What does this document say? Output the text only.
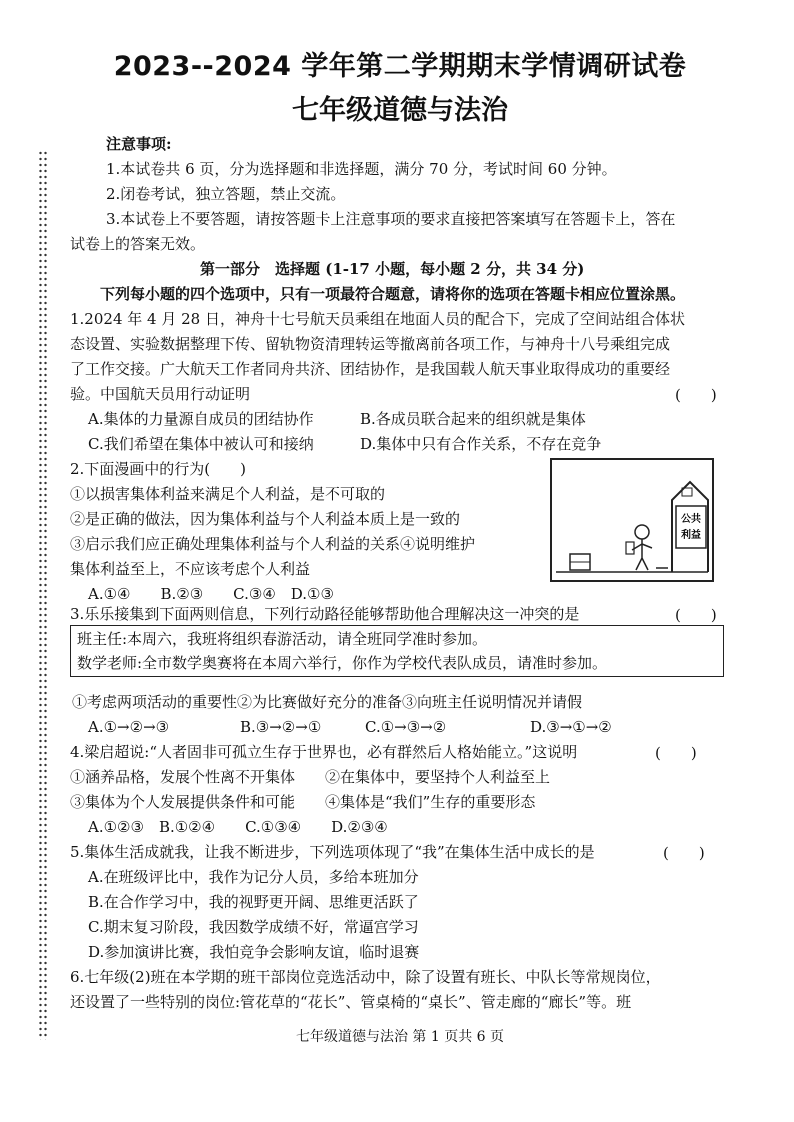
2023--2024 学年第二学期期末学情调研试卷
七年级道德与法治
注意事项:
1.本试卷共 6 页，分为选择题和非选择题，满分 70 分，考试时间 60 分钟。
2.闭卷考试，独立答题，禁止交流。
3.本试卷上不要答题，请按答题卡上注意事项的要求直接把答案填写在答题卡上，答在
试卷上的答案无效。
第一部分　选择题 (1-17 小题，每小题 2 分，共 34 分)
下列每小题的四个选项中，只有一项最符合题意，请将你的选项在答题卡相应位置涂黑。
1.2024 年 4 月 28 日，神舟十七号航天员乘组在地面人员的配合下，完成了空间站组合体状
态设置、实验数据整理下传、留轨物资清理转运等撤离前各项工作，与神舟十八号乘组完成
了工作交接。广大航天工作者同舟共济、团结协作，是我国载人航天事业取得成功的重要经
验。中国航天员用行动证明	(　　)
A.集体的力量源自成员的团结协作	B.各成员联合起来的组织就是集体
C.我们希望在集体中被认可和接纳	D.集体中只有合作关系，不存在竞争
2.下面漫画中的行为(　　)
①以损害集体利益来满足个人利益，是不可取的
②是正确的做法，因为集体利益与个人利益本质上是一致的
③启示我们应正确处理集体利益与个人利益的关系④说明维护
集体利益至上，不应该考虑个人利益
A.①④　　B.②③　　C.③④　D.①③
公共
利益
3.乐乐接集到下面两则信息，下列行动路径能够帮助他合理解决这一冲突的是	(　　)
班主任:本周六，我班将组织春游活动，请全班同学准时参加。
数学老师:全市数学奥赛将在本周六举行，你作为学校代表队成员，请准时参加。
①考虑两项活动的重要性②为比赛做好充分的准备③向班主任说明情况并请假
A.①→②→③	B.③→②→①	C.①→③→②	D.③→①→②
4.梁启超说:“人者固非可孤立生存于世界也，必有群然后人格始能立。”这说明	(　　)
①涵养品格，发展个性离不开集体　　②在集体中，要坚持个人利益至上
③集体为个人发展提供条件和可能　　④集体是“我们”生存的重要形态
A.①②③　B.①②④　　C.①③④　　D.②③④
5.集体生活成就我，让我不断进步，下列选项体现了“我”在集体生活中成长的是	(　　)
A.在班级评比中，我作为记分人员，多给本班加分
B.在合作学习中，我的视野更开阔、思维更活跃了
C.期末复习阶段，我因数学成绩不好，常逼宫学习
D.参加演讲比赛，我怕竞争会影响友谊，临时退赛
6.七年级(2)班在本学期的班干部岗位竞选活动中，除了设置有班长、中队长等常规岗位，
还设置了一些特别的岗位:管花草的“花长”、管桌椅的“桌长”、管走廊的“廊长”等。班
七年级道德与法治 第 1 页共 6 页
